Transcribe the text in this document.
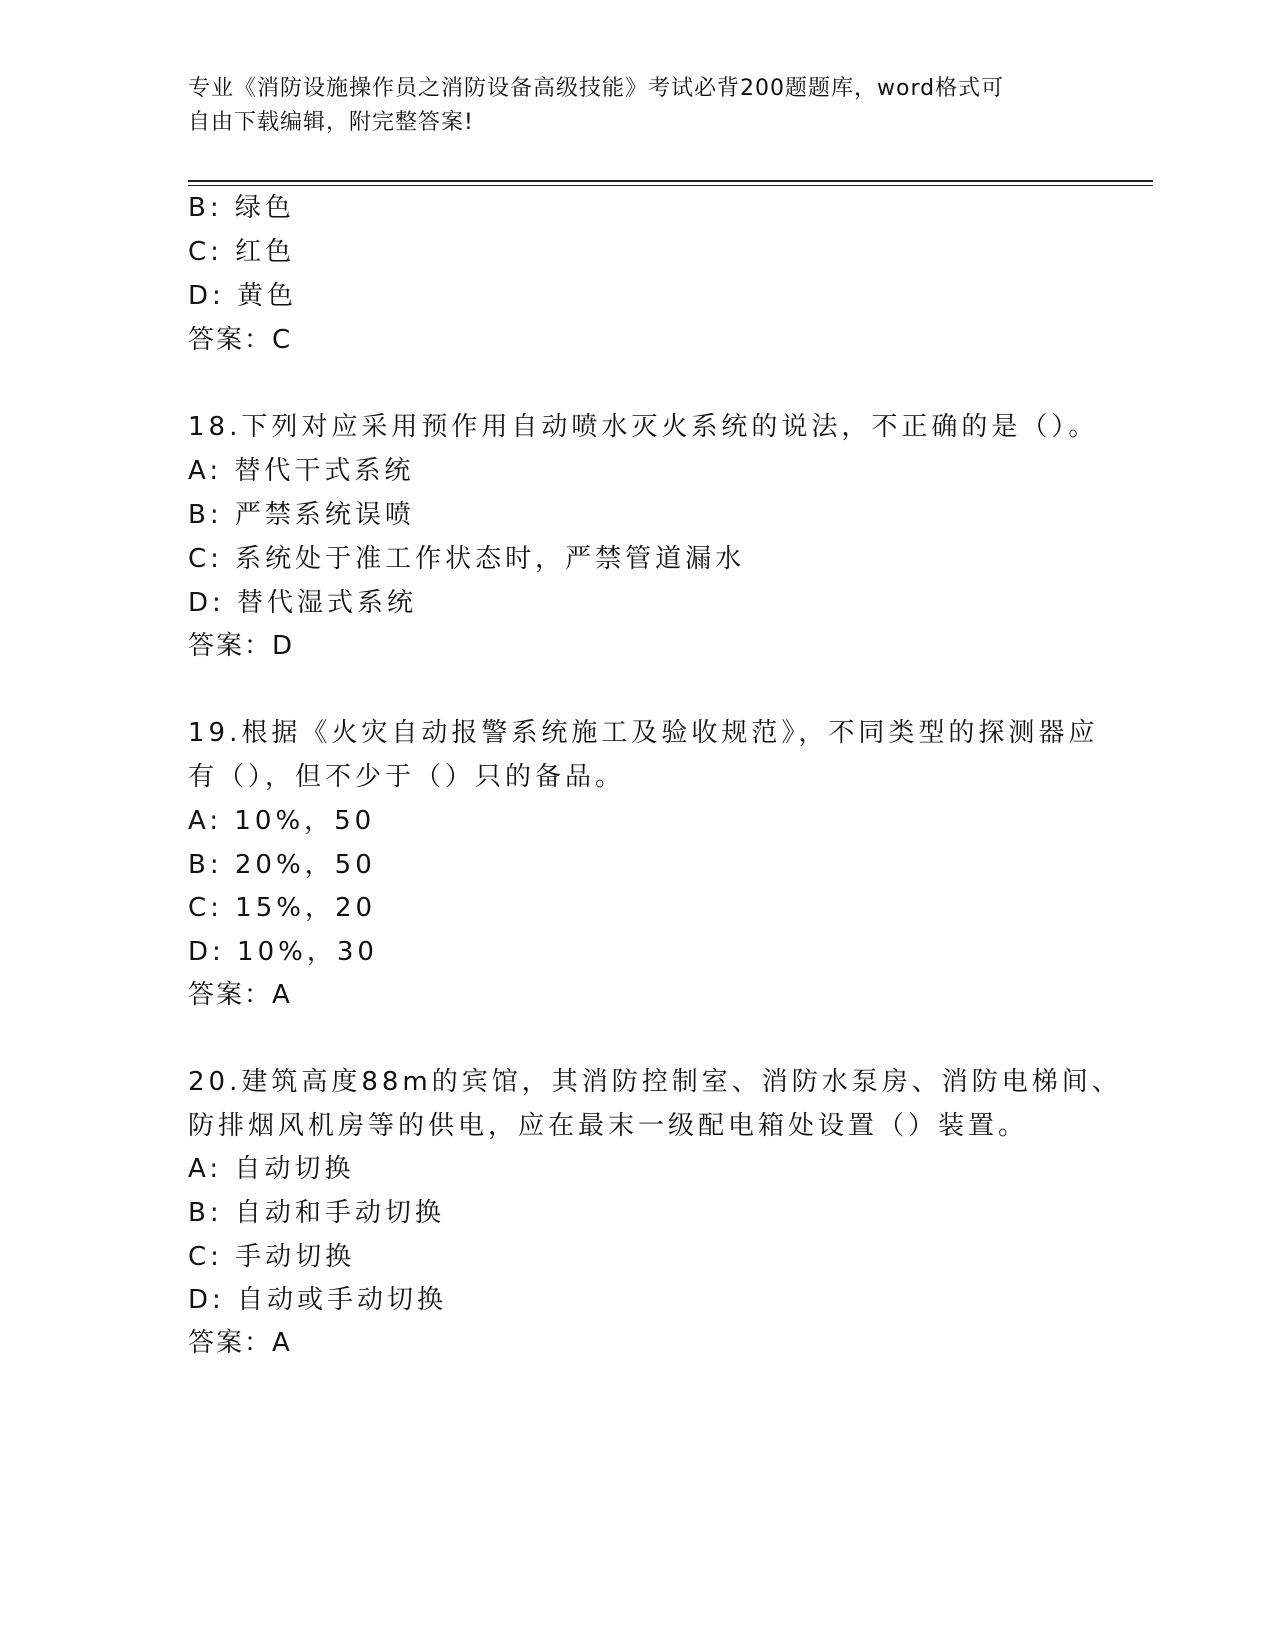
专业《消防设施操作员之消防设备高级技能》考试必背200题题库，word格式可
自由下载编辑，附完整答案!
B: 绿色
C: 红色
D: 黄色
答案：C
18.下列对应采用预作用自动喷水灭火系统的说法，不正确的是（）。
A: 替代干式系统
B: 严禁系统误喷
C: 系统处于准工作状态时，严禁管道漏水
D: 替代湿式系统
答案：D
19.根据《火灾自动报警系统施工及验收规范》，不同类型的探测器应
有（），但不少于（）只的备品。
A: 10%，50
B: 20%，50
C: 15%，20
D: 10%，30
答案：A
20.建筑高度88m的宾馆，其消防控制室、消防水泵房、消防电梯间、
防排烟风机房等的供电，应在最末一级配电箱处设置（）装置。
A: 自动切换
B: 自动和手动切换
C: 手动切换
D: 自动或手动切换
答案：A
